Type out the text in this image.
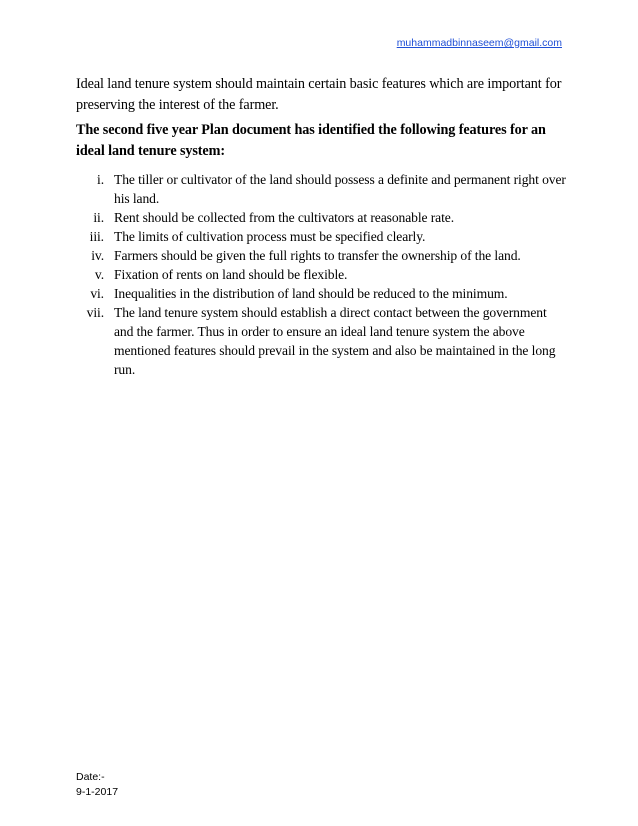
muhammadbinnaseem@gmail.com

Ideal land tenure system should maintain certain basic features which are important for preserving the interest of the farmer.

The second five year Plan document has identified the following features for an ideal land tenure system:

i. The tiller or cultivator of the land should possess a definite and permanent right over his land.
ii. Rent should be collected from the cultivators at reasonable rate.
iii. The limits of cultivation process must be specified clearly.
iv. Farmers should be given the full rights to transfer the ownership of the land.
v. Fixation of rents on land should be flexible.
vi. Inequalities in the distribution of land should be reduced to the minimum.
vii. The land tenure system should establish a direct contact between the government and the farmer. Thus in order to ensure an ideal land tenure system the above mentioned features should prevail in the system and also be maintained in the long run.
Date:-
9-1-2017
